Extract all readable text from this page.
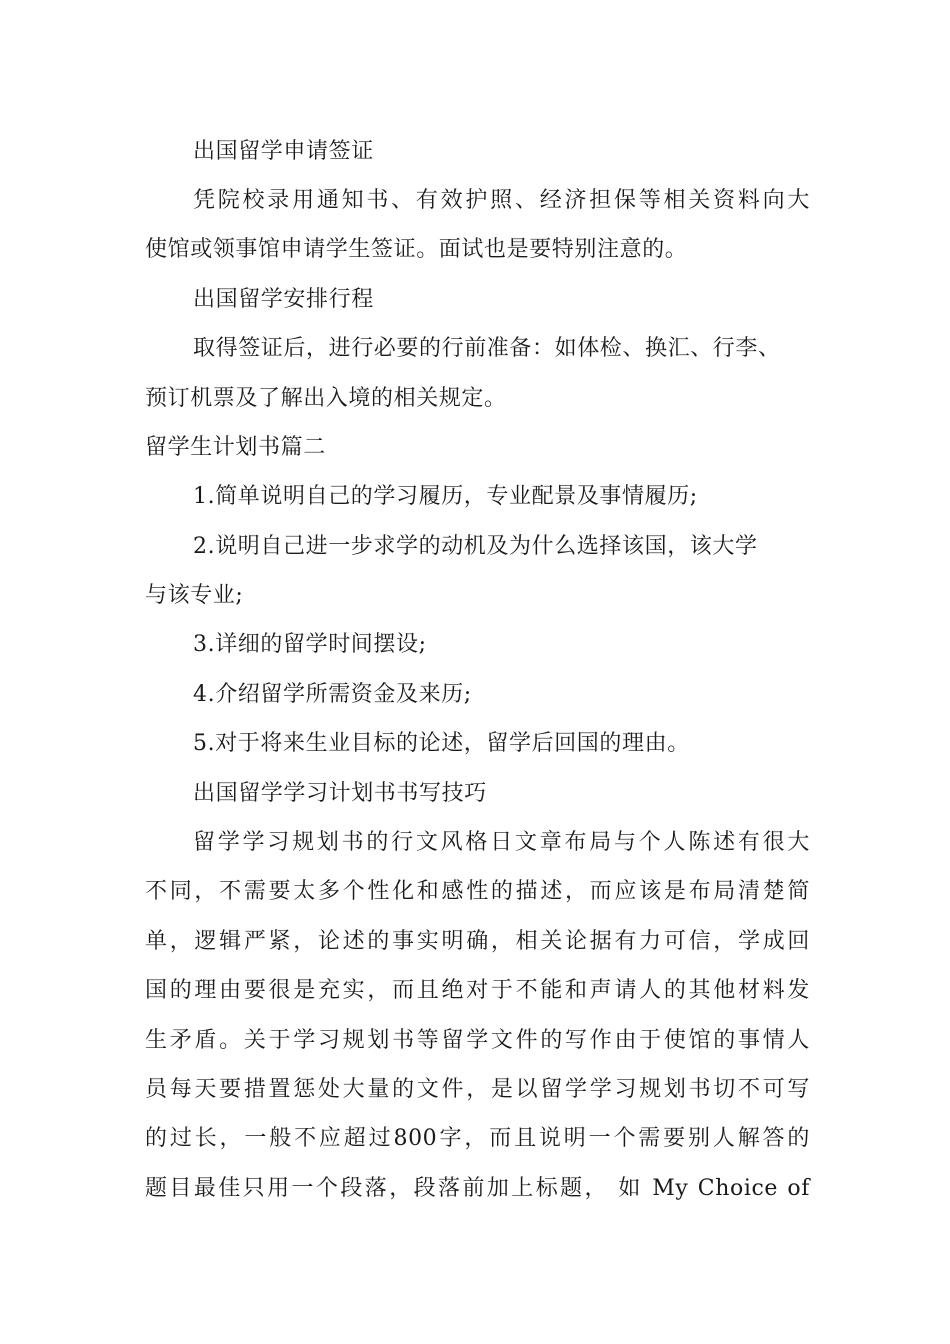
出国留学申请签证
凭院校录用通知书、有效护照、经济担保等相关资料向大
使馆或领事馆申请学生签证。面试也是要特别注意的。
出国留学安排行程
取得签证后，进行必要的行前准备：如体检、换汇、行李、
预订机票及了解出入境的相关规定。
留学生计划书篇二
1.简单说明自己的学习履历，专业配景及事情履历;
2.说明自己进一步求学的动机及为什么选择该国，该大学
与该专业;
3.详细的留学时间摆设;
4.介绍留学所需资金及来历;
5.对于将来生业目标的论述，留学后回国的理由。
出国留学学习计划书书写技巧
留学学习规划书的行文风格日文章布局与个人陈述有很大
不同，不需要太多个性化和感性的描述，而应该是布局清楚简
单，逻辑严紧，论述的事实明确，相关论据有力可信，学成回
国的理由要很是充实，而且绝对于不能和声请人的其他材料发
生矛盾。关于学习规划书等留学文件的写作由于使馆的事情人
员每天要措置惩处大量的文件，是以留学学习规划书切不可写
的过长，一般不应超过800字，而且说明一个需要别人解答的
题目最佳只用一个段落，段落前加上标题， 如 My Choice of
